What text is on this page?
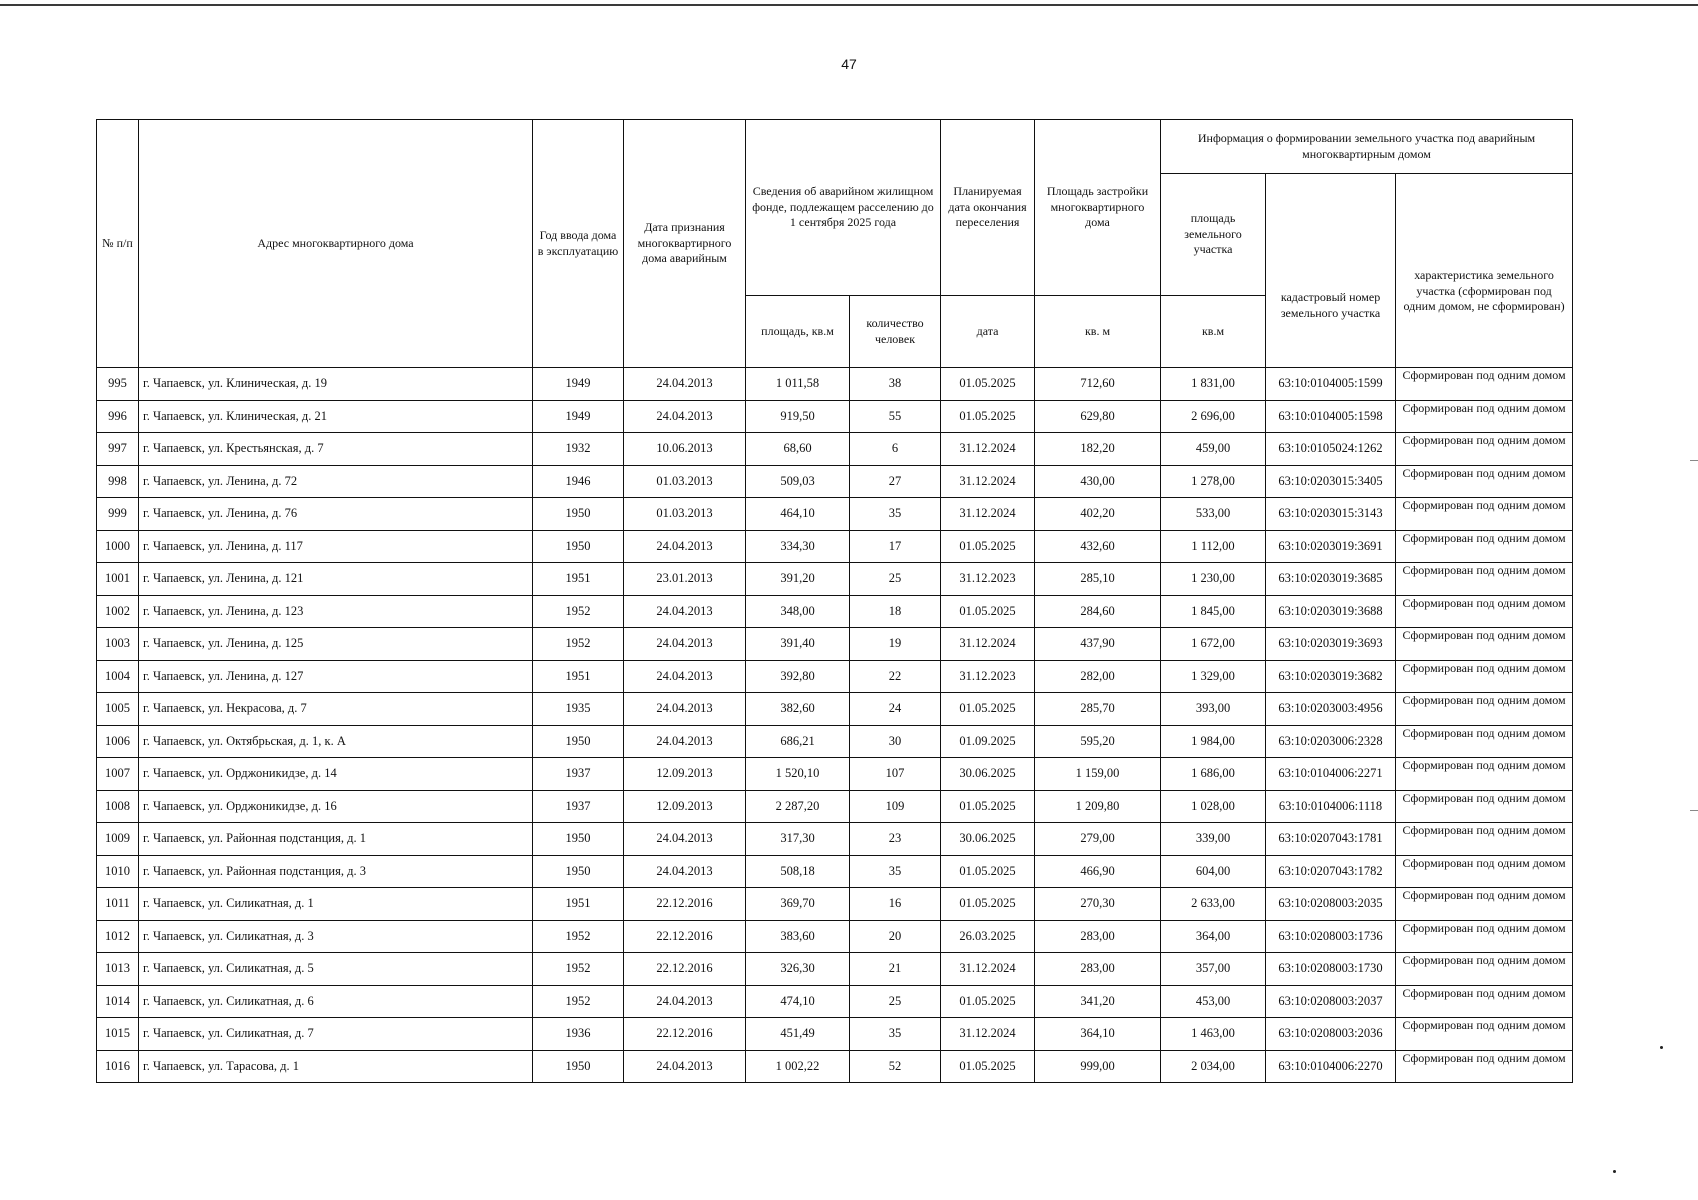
47
№ п/п	Адрес многоквартирного дома	Год ввода дома в эксплуатацию	Дата признания многоквартирного дома аварийным	Сведения об аварийном жилищном фонде, подлежащем расселению до 1 сентября 2025 года		Планируемая дата окончания переселения	Площадь застройки многоквартирного дома	Информация о формировании земельного участка под аварийным многоквартирным домом		
								площадь земельного участка	кадастровый номер земельного участка	характеристика земельного участка (сформирован под одним домом, не сформирован)
				площадь, кв.м	количество человек	дата	кв. м	кв.м		
995	г. Чапаевск, ул. Клиническая, д. 19	1949	24.04.2013	1 011,58	38	01.05.2025	712,60	1 831,00	63:10:0104005:1599	Сформирован под одним домом

996	г. Чапаевск, ул. Клиническая, д. 21	1949	24.04.2013	919,50	55	01.05.2025	629,80	2 696,00	63:10:0104005:1598	Сформирован под одним домом

997	г. Чапаевск, ул. Крестьянская, д. 7	1932	10.06.2013	68,60	6	31.12.2024	182,20	459,00	63:10:0105024:1262	Сформирован под одним домом

998	г. Чапаевск, ул. Ленина, д. 72	1946	01.03.2013	509,03	27	31.12.2024	430,00	1 278,00	63:10:0203015:3405	Сформирован под одним домом

999	г. Чапаевск, ул. Ленина, д. 76	1950	01.03.2013	464,10	35	31.12.2024	402,20	533,00	63:10:0203015:3143	Сформирован под одним домом

1000	г. Чапаевск, ул. Ленина, д. 117	1950	24.04.2013	334,30	17	01.05.2025	432,60	1 112,00	63:10:0203019:3691	Сформирован под одним домом

1001	г. Чапаевск, ул. Ленина, д. 121	1951	23.01.2013	391,20	25	31.12.2023	285,10	1 230,00	63:10:0203019:3685	Сформирован под одним домом

1002	г. Чапаевск, ул. Ленина, д. 123	1952	24.04.2013	348,00	18	01.05.2025	284,60	1 845,00	63:10:0203019:3688	Сформирован под одним домом

1003	г. Чапаевск, ул. Ленина, д. 125	1952	24.04.2013	391,40	19	31.12.2024	437,90	1 672,00	63:10:0203019:3693	Сформирован под одним домом

1004	г. Чапаевск, ул. Ленина, д. 127	1951	24.04.2013	392,80	22	31.12.2023	282,00	1 329,00	63:10:0203019:3682	Сформирован под одним домом

1005	г. Чапаевск, ул. Некрасова, д. 7	1935	24.04.2013	382,60	24	01.05.2025	285,70	393,00	63:10:0203003:4956	Сформирован под одним домом

1006	г. Чапаевск, ул. Октябрьская, д. 1, к. А	1950	24.04.2013	686,21	30	01.09.2025	595,20	1 984,00	63:10:0203006:2328	Сформирован под одним домом

1007	г. Чапаевск, ул. Орджоникидзе, д. 14	1937	12.09.2013	1 520,10	107	30.06.2025	1 159,00	1 686,00	63:10:0104006:2271	Сформирован под одним домом

1008	г. Чапаевск, ул. Орджоникидзе, д. 16	1937	12.09.2013	2 287,20	109	01.05.2025	1 209,80	1 028,00	63:10:0104006:1118	Сформирован под одним домом

1009	г. Чапаевск, ул. Районная подстанция, д. 1	1950	24.04.2013	317,30	23	30.06.2025	279,00	339,00	63:10:0207043:1781	Сформирован под одним домом

1010	г. Чапаевск, ул. Районная подстанция, д. 3	1950	24.04.2013	508,18	35	01.05.2025	466,90	604,00	63:10:0207043:1782	Сформирован под одним домом

1011	г. Чапаевск, ул. Силикатная, д. 1	1951	22.12.2016	369,70	16	01.05.2025	270,30	2 633,00	63:10:0208003:2035	Сформирован под одним домом

1012	г. Чапаевск, ул. Силикатная, д. 3	1952	22.12.2016	383,60	20	26.03.2025	283,00	364,00	63:10:0208003:1736	Сформирован под одним домом

1013	г. Чапаевск, ул. Силикатная, д. 5	1952	22.12.2016	326,30	21	31.12.2024	283,00	357,00	63:10:0208003:1730	Сформирован под одним домом

1014	г. Чапаевск, ул. Силикатная, д. 6	1952	24.04.2013	474,10	25	01.05.2025	341,20	453,00	63:10:0208003:2037	Сформирован под одним домом

1015	г. Чапаевск, ул. Силикатная, д. 7	1936	22.12.2016	451,49	35	31.12.2024	364,10	1 463,00	63:10:0208003:2036	Сформирован под одним домом

1016	г. Чапаевск, ул. Тарасова, д. 1	1950	24.04.2013	1 002,22	52	01.05.2025	999,00	2 034,00	63:10:0104006:2270	Сформирован под одним домом
